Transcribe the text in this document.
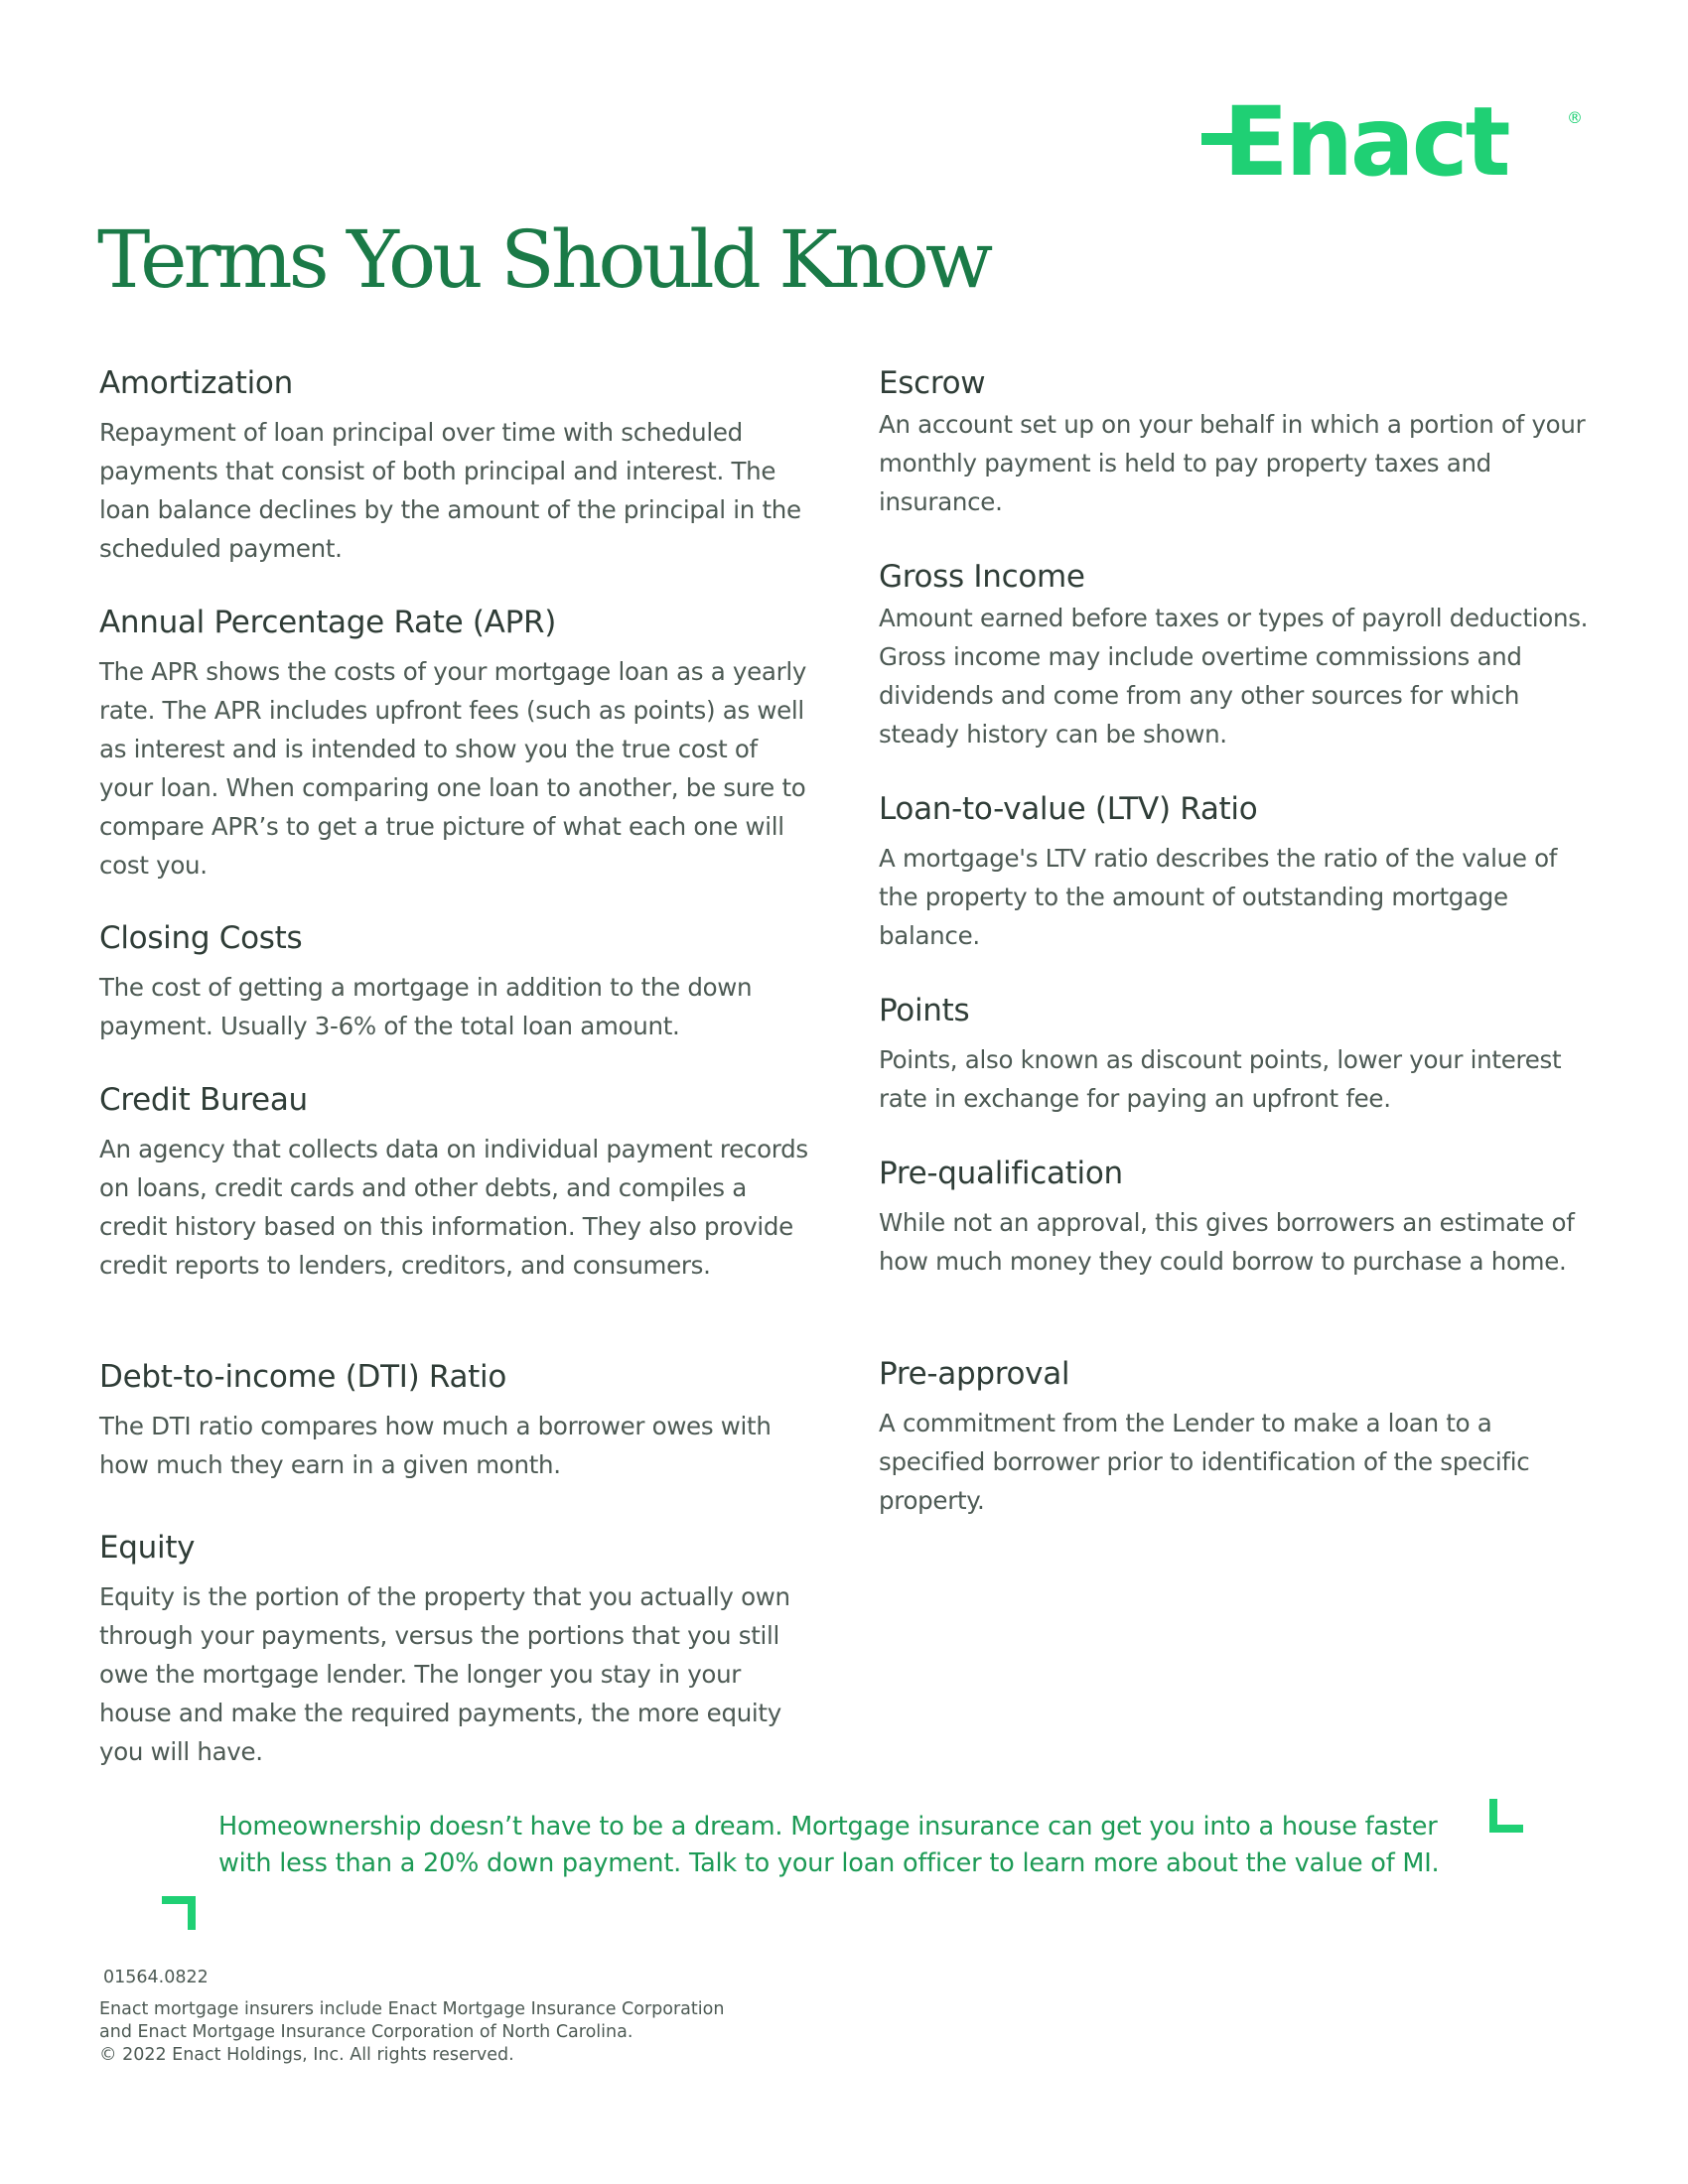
Enact	®
Terms You Should Know
Amortization

Repayment of loan principal over time with scheduled payments that consist of both principal and interest. The loan balance declines by the amount of the principal in the scheduled payment.

Annual Percentage Rate (APR)

The APR shows the costs of your mortgage loan as a yearly rate. The APR includes upfront fees (such as points) as well as interest and is intended to show you the true cost of your loan. When comparing one loan to another, be sure to compare APR’s to get a true picture of what each one will cost you.

Closing Costs

The cost of getting a mortgage in addition to the down payment. Usually 3-6% of the total loan amount.

Credit Bureau

An agency that collects data on individual payment records on loans, credit cards and other debts, and compiles a credit history based on this information. They also provide credit reports to lenders, creditors, and consumers.

Debt-to-income (DTI) Ratio

The DTI ratio compares how much a borrower owes with how much they earn in a given month.

Equity

Equity is the portion of the property that you actually own through your payments, versus the portions that you still owe the mortgage lender. The longer you stay in your house and make the required payments, the more equity you will have.

Escrow

An account set up on your behalf in which a portion of your monthly payment is held to pay property taxes and insurance.

Gross Income

Amount earned before taxes or types of payroll deductions. Gross income may include overtime commissions and dividends and come from any other sources for which steady history can be shown.

Loan-to-value (LTV) Ratio

A mortgage's LTV ratio describes the ratio of the value of the property to the amount of outstanding mortgage balance.

Points

Points, also known as discount points, lower your interest rate in exchange for paying an upfront fee.

Pre-qualification

While not an approval, this gives borrowers an estimate of how much money they could borrow to purchase a home.

Pre-approval

A commitment from the Lender to make a loan to a specified borrower prior to identification of the specific property.

Homeownership doesn’t have to be a dream. Mortgage insurance can get you into a house faster
with less than a 20% down payment. Talk to your loan officer to learn more about the value of MI.
01564.0822
Enact mortgage insurers include Enact Mortgage Insurance Corporation
and Enact Mortgage Insurance Corporation of North Carolina.
© 2022 Enact Holdings, Inc. All rights reserved.
